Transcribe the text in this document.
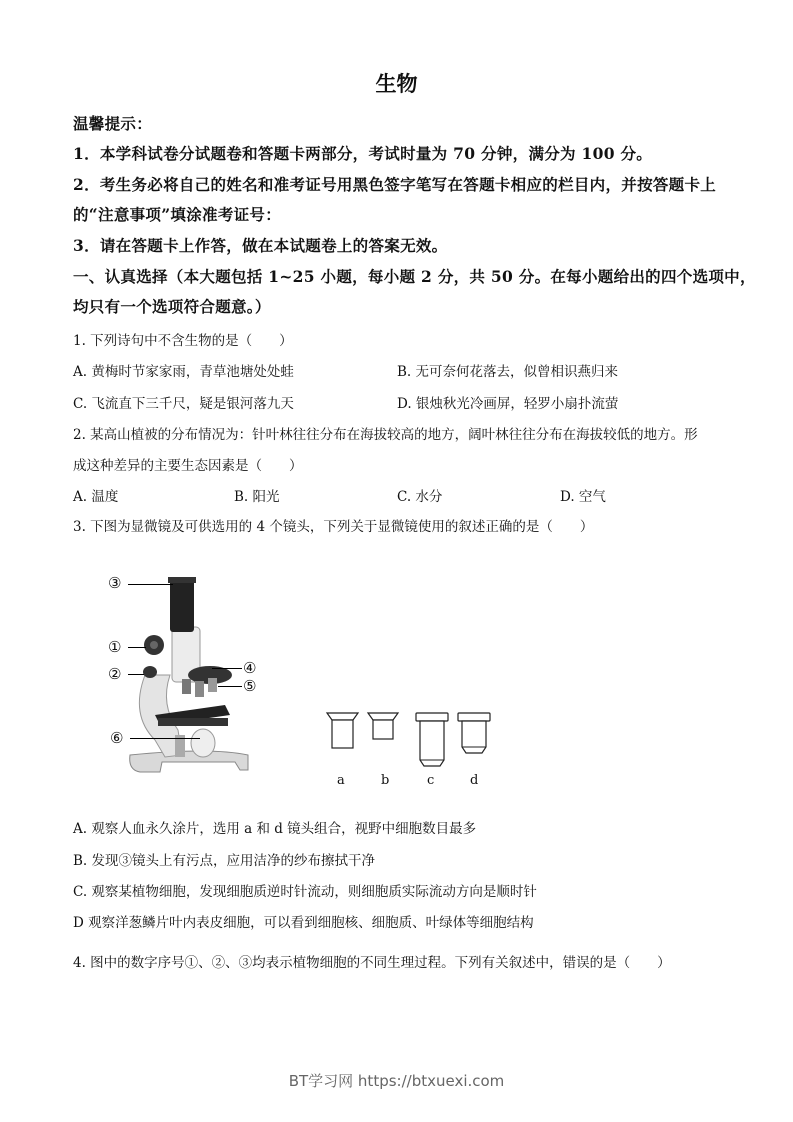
生物
温馨提示：
1．本学科试卷分试题卷和答题卡两部分，考试时量为 70 分钟，满分为 100 分。
2．考生务必将自己的姓名和准考证号用黑色签字笔写在答题卡相应的栏目内，并按答题卡上
的“注意事项”填涂准考证号：
3．请在答题卡上作答，做在本试题卷上的答案无效。
一、认真选择（本大题包括 1~25 小题，每小题 2 分，共 50 分。在每小题给出的四个选项中，
均只有一个选项符合题意。）
1. 下列诗句中不含生物的是（　　）
A. 黄梅时节家家雨，青草池塘处处蛙	B. 无可奈何花落去，似曾相识燕归来
C. 飞流直下三千尺，疑是银河落九天	D. 银烛秋光冷画屏，轻罗小扇扑流萤
2. 某高山植被的分布情况为：针叶林往往分布在海拔较高的地方，阔叶林往往分布在海拔较低的地方。形
成这种差异的主要生态因素是（　　）
A. 温度	B. 阳光	C. 水分	D. 空气
3. 下图为显微镜及可供选用的 4 个镜头，下列关于显微镜使用的叙述正确的是（　　）
③
①
②	④
⑤
⑥
a	b	c	d
A. 观察人血永久涂片，选用 a 和 d 镜头组合，视野中细胞数目最多
B. 发现③镜头上有污点，应用洁净的纱布擦拭干净
C. 观察某植物细胞，发现细胞质逆时针流动，则细胞质实际流动方向是顺时针
D 观察洋葱鳞片叶内表皮细胞，可以看到细胞核、细胞质、叶绿体等细胞结构
4. 图中的数字序号①、②、③均表示植物细胞的不同生理过程。下列有关叙述中，错误的是（　　）
BT学习网 https://btxuexi.com
